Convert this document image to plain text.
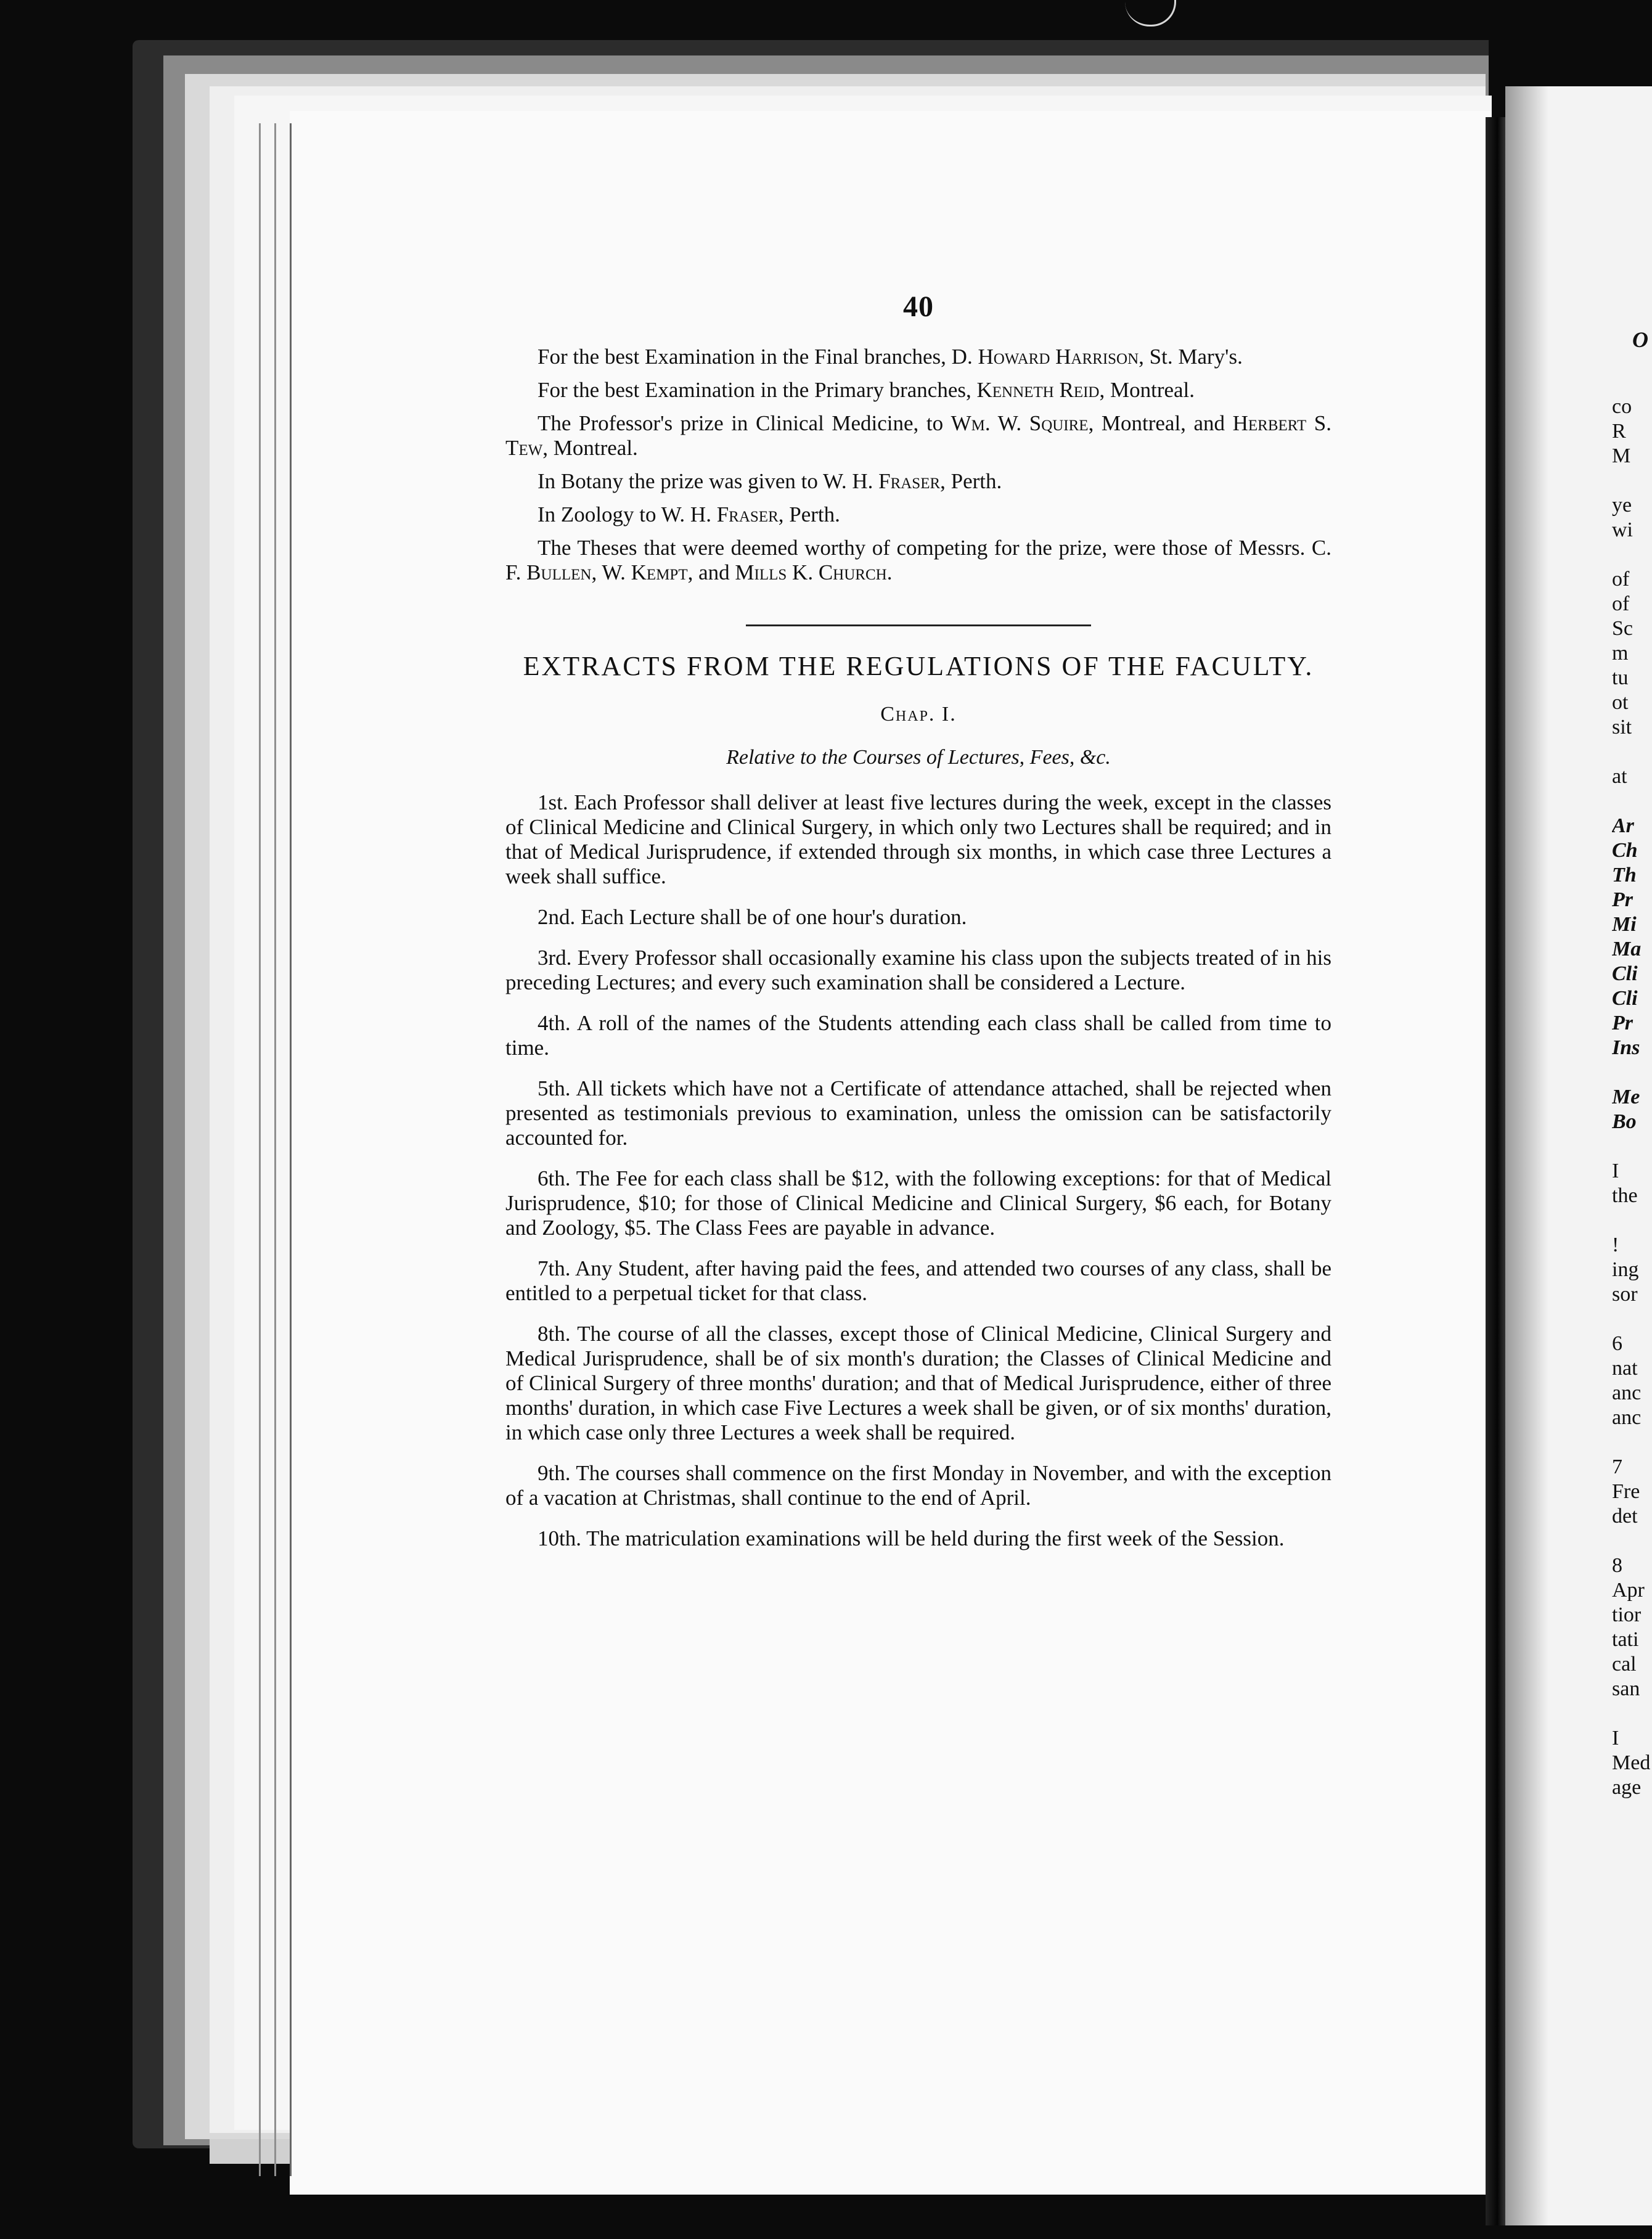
40

For the best Examination in the Final branches, D. Howard Harrison, St. Mary's.

For the best Examination in the Primary branches, Kenneth Reid, Montreal.

The Professor's prize in Clinical Medicine, to Wm. W. Squire, Montreal, and Herbert S. Tew, Montreal.

In Botany the prize was given to W. H. Fraser, Perth.

In Zoology to W. H. Fraser, Perth.

The Theses that were deemed worthy of competing for the prize, were those of Messrs. C. F. Bullen, W. Kempt, and Mills K. Church.

EXTRACTS FROM THE REGULATIONS OF THE FACULTY.
Chap. I.
Relative to the Courses of Lectures, Fees, &c.

1st. Each Professor shall deliver at least five lectures during the week, except in the classes of Clinical Medicine and Clinical Surgery, in which only two Lectures shall be required; and in that of Medical Jurisprudence, if extended through six months, in which case three Lectures a week shall suffice.

2nd. Each Lecture shall be of one hour's duration.

3rd. Every Professor shall occasionally examine his class upon the subjects treated of in his preceding Lectures; and every such examination shall be considered a Lecture.

4th. A roll of the names of the Students attending each class shall be called from time to time.

5th. All tickets which have not a Certificate of attendance attached, shall be rejected when presented as testimonials previous to examination, unless the omission can be satisfactorily accounted for.

6th. The Fee for each class shall be $12, with the following exceptions: for that of Medical Jurisprudence, $10; for those of Clinical Medicine and Clinical Surgery, $6 each, for Botany and Zoology, $5. The Class Fees are payable in advance.

7th. Any Student, after having paid the fees, and attended two courses of any class, shall be entitled to a perpetual ticket for that class.

8th. The course of all the classes, except those of Clinical Medicine, Clinical Surgery and Medical Jurisprudence, shall be of six month's duration; the Classes of Clinical Medicine and of Clinical Surgery of three months' duration; and that of Medical Jurisprudence, either of three months' duration, in which case Five Lectures a week shall be given, or of six months' duration, in which case only three Lectures a week shall be required.

9th. The courses shall commence on the first Monday in November, and with the exception of a vacation at Christmas, shall continue to the end of April.

10th. The matriculation examinations will be held during the first week of the Session.

co
R
M
ye
wi
of
of
Sc
m
tu
ot
sit
at
Ar
Ch
Th
Pr
Mi
Ma
Cli
Cli
Pr
Ins
Me
Bo
I
the
!
ing
sor
6
nat
anc
anc
7
Fre
det
8
Apr
tior
tati
cal
san
I
Med
age
O
